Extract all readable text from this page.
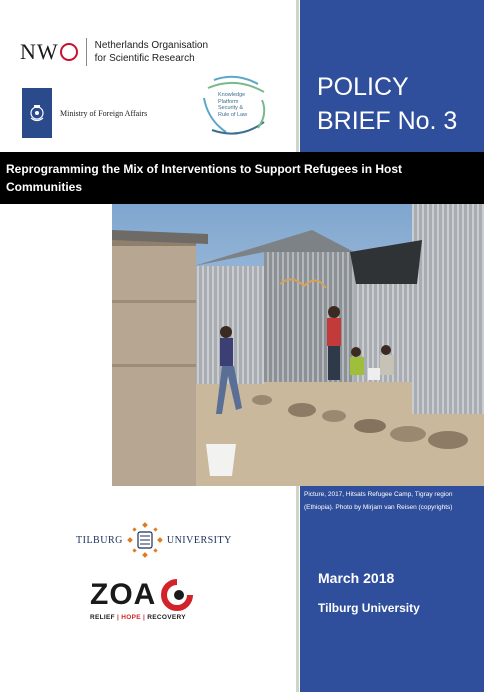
NW	Netherlands Organisation
for Scientific Research
Ministry of Foreign Affairs
Knowledge
Platform
Security &
Rule of Law
POLICY
BRIEF No. 3
Reprogramming the Mix of Interventions to Support Refugees in Host Communities
Picture, 2017, Hitsats Refugee Camp, Tigray region (Ethiopia). Photo by Mirjam van Reisen (copyrights)
TILBURG	UNIVERSITY
ZOA
RELIEF | HOPE | RECOVERY
March 2018
Tilburg University
